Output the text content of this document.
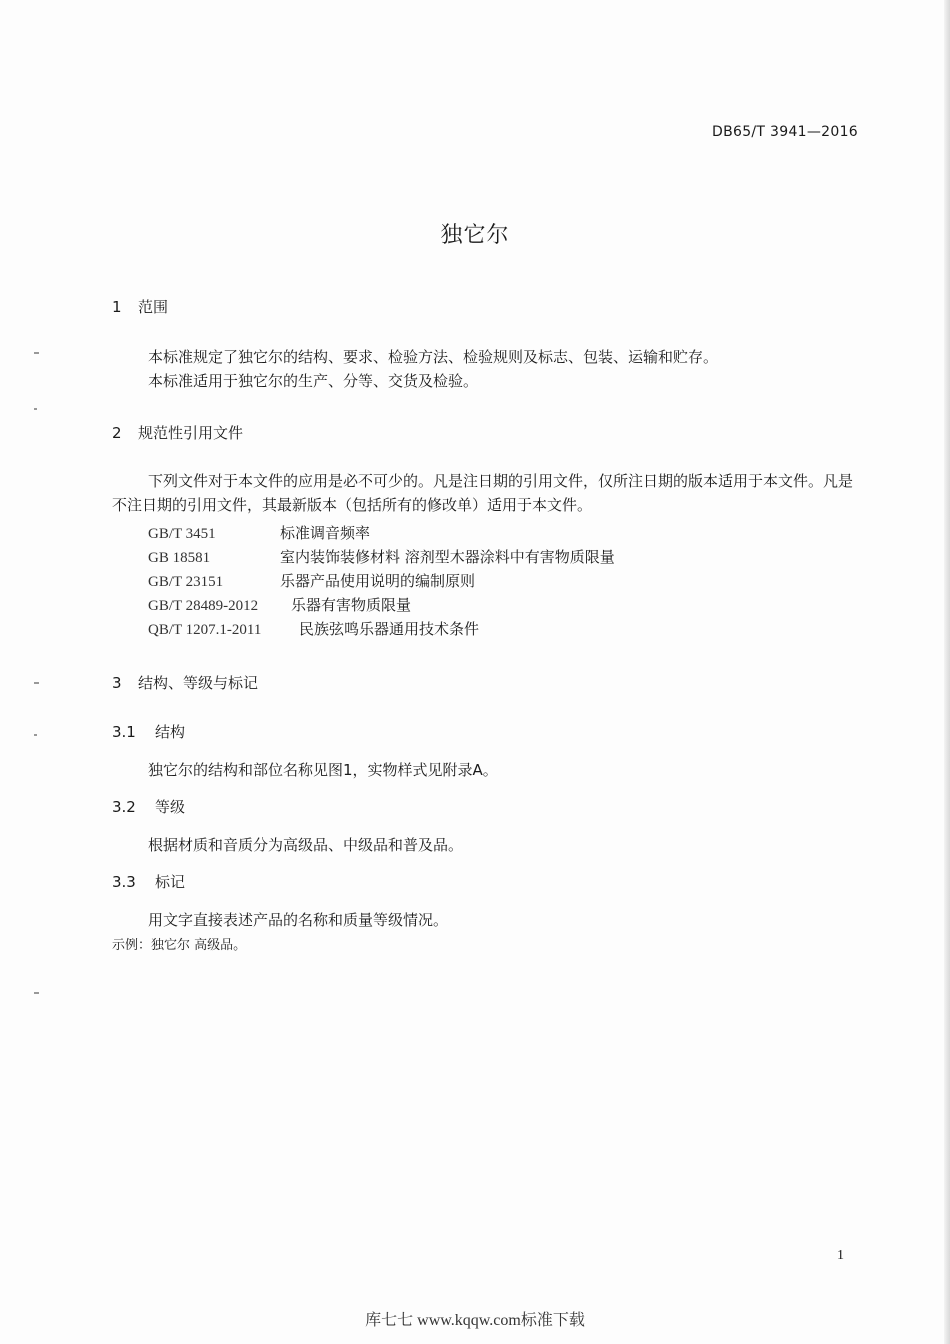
DB65/T 3941—2016
独它尔
1 范围
本标准规定了独它尔的结构、要求、检验方法、检验规则及标志、包装、运输和贮存。
本标准适用于独它尔的生产、分等、交货及检验。
2 规范性引用文件
下列文件对于本文件的应用是必不可少的。凡是注日期的引用文件，仅所注日期的版本适用于本文件。凡是不注日期的引用文件，其最新版本（包括所有的修改单）适用于本文件。
GB/T 3451	标准调音频率
GB 18581	室内装饰装修材料 溶剂型木器涂料中有害物质限量
GB/T 23151	乐器产品使用说明的编制原则
GB/T 28489-2012 乐器有害物质限量
QB/T 1207.1-2011	民族弦鸣乐器通用技术条件
3 结构、等级与标记
3.1 结构
独它尔的结构和部位名称见图1，实物样式见附录A。
3.2 等级
根据材质和音质分为高级品、中级品和普及品。
3.3 标记
用文字直接表述产品的名称和质量等级情况。
示例：独它尔 高级品。
1
库七七 www.kqqw.com标准下载
